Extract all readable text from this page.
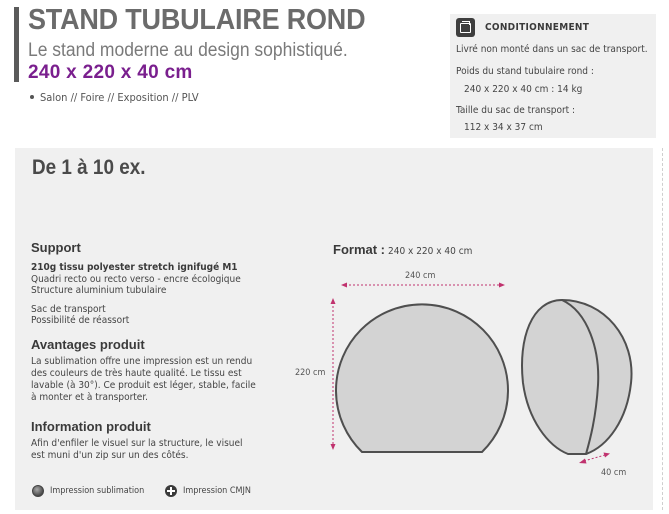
STAND TUBULAIRE ROND
Le stand moderne au design sophistiqué.
240 x 220 x 40 cm
Salon // Foire // Exposition // PLV
CONDITIONNEMENT
Livré non monté dans un sac de transport.
Poids du stand tubulaire rond :
240 x 220 x 40 cm : 14 kg
Taille du sac de transport :
112 x 34 x 37 cm
De 1 à 10 ex.
Support
210g tissu polyester stretch ignifugé M1
Quadri recto ou recto verso - encre écologique
Structure aluminium tubulaire
Sac de transport
Possibilité de réassort
Avantages produit
La sublimation offre une impression est un rendu
des couleurs de très haute qualité. Le tissu est
lavable (à 30°). Ce produit est léger, stable, facile
à monter et à transporter.
Information produit
Afin d'enfiler le visuel sur la structure, le visuel
est muni d'un zip sur un des côtés.
Format : 240 x 220 x 40 cm
240 cm
220 cm
40 cm
Impression sublimation	Impression CMJN
